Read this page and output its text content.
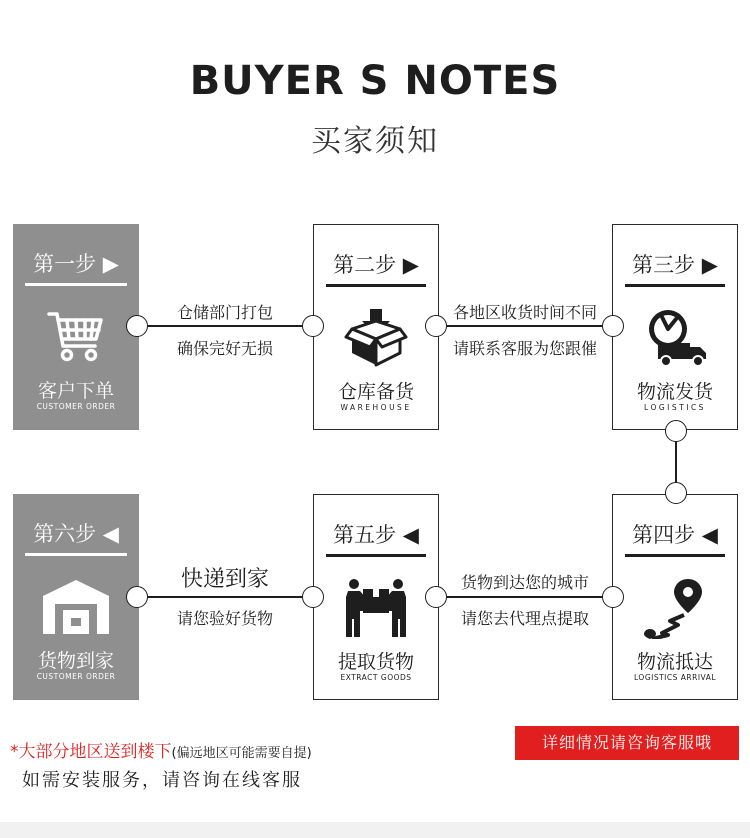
BUYER S NOTES
买家须知
第一步 ▶
客户下单
CUSTOMER ORDER
第二步 ▶
仓库备货
WAREHOUSE
第三步 ▶
物流发货
LOGISTICS
第四步 ◀
物流抵达
LOGISTICS ARRIVAL
第五步 ◀
提取货物
EXTRACT GOODS
第六步 ◀
货物到家
CUSTOMER ORDER
仓储部门打包
确保完好无损
各地区收货时间不同
请联系客服为您跟催
货物到达您的城市
请您去代理点提取
快递到家
请您验好货物
*大部分地区送到楼下(偏远地区可能需要自提)
如需安装服务，请咨询在线客服
详细情况请咨询客服哦
